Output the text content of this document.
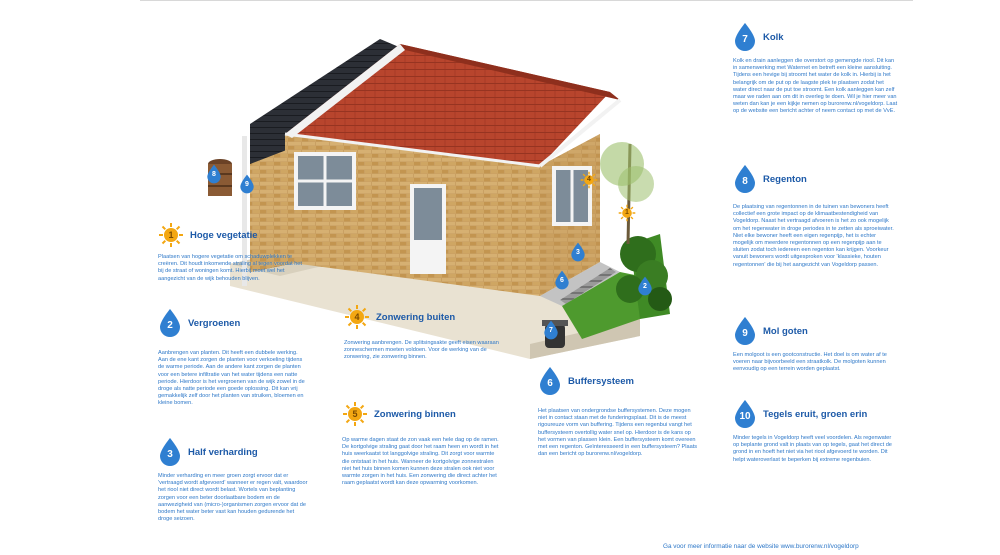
8
9
4
1
3
6
2
7
1	Hoge vegetatie

Plaatsen van hogere vegetatie om schaduwplekken te creëren. Dit houdt inkomende straling al tegen voordat het bij de straat of woningen komt. Hierbij moet wel het aangezicht van de wijk behouden blijven.

2	Vergroenen

Aanbrengen van planten. Dit heeft een dubbele werking. Aan de ene kant zorgen de planten voor verkoeling tijdens de warme periode. Aan de andere kant zorgen de planten voor een betere infiltratie van het water tijdens een natte periode. Hierdoor is het vergroenen van de wijk zowel in de droge als natte periode een goede oplossing. Dit kan vrij gemakkelijk zelf door het planten van struiken, bloemen en kleine bomen.

3	Half verharding

Minder verharding en meer groen zorgt ervoor dat er 'vertraagd wordt afgevoerd' wanneer er regen valt, waardoor het riool niet direct wordt belast. Wortels van beplanting zorgen voor een beter doorlaatbare bodem en de aanwezigheid van (micro-)organismen zorgen ervoor dat de bodem het water beter vast kan houden gedurende het droge seizoen.

4	Zonwering buiten

Zonwering aanbrengen. De splitsingsakte geeft eisen waaraan zonneschermen moeten voldoen. Voor de werking van de zonwering, zie zonwering binnen.

5	Zonwering binnen

Op warme dagen staat de zon vaak een hele dag op de ramen. De kortgolvige straling gaat door het raam heen en wordt in het huis weerkaatst tot langgolvige straling. Dit zorgt voor warmte die ontstaat in het huis. Wanneer de kortgolvige zonnestralen niet het huis binnen komen kunnen deze stralen ook niet voor warmte zorgen in het huis. Een zonwering die direct achter het raam geplaatst wordt kan deze opwarming voorkomen.

6	Buffersysteem

Het plaatsen van ondergrondse buffersystemen. Deze mogen niet in contact staan met de funderingsplaat. Dit is de meest rigoureuze vorm van buffering. Tijdens een regenbui vangt het buffersysteem overtollig water snel op. Hierdoor is de kans op het vormen van plassen klein. Een buffersysteem komt overeen met een regenton. Geïnteresseerd in een buffersysteem? Plaats dan een bericht op burorenw.nl/vogeldorp.

7	Kolk

Kolk en drain aanleggen die overstort op gemengde riool. Dit kan in samenwerking met Waternet en betreft een kleine aansluiting. Tijdens een hevige bij stroomt het water de kolk in. Hierbij is het belangrijk om de put op de laagste plek te plaatsen zodat het water direct naar de put toe stroomt. Een kolk aanleggen kan zelf maar we raden aan om dit in overleg te doen. Wil je hier meer van weten dan kan je een kijkje nemen op burorenw.nl/vogeldorp. Laat op de website een bericht achter of neem contact op met de VvE.

8	Regenton

De plaatsing van regentonnen in de tuinen van bewoners heeft collectief een grote impact op de klimaatbestendigheid van Vogeldorp. Naast het vertraagd afvoeren is het zo ook mogelijk om het regenwater in droge periodes in te zetten als sproeiwater. Niet elke bewoner heeft een eigen regenpijp, het is echter mogelijk om meerdere regentonnen op een regenpijp aan te sluiten zodat toch iedereen een regenton kan krijgen. Voorkeur vanuit bewoners wordt uitgesproken voor 'klassieke, houten regentonnen' die bij het aangezicht van Vogeldorp passen.

9	Mol goten

Een molgoot is een gootconstructie. Het doel is om water af te voeren naar bijvoorbeeld een straatkolk. De molgoten kunnen eenvoudig op een terrein worden geplaatst.

10	Tegels eruit, groen erin

Minder tegels in Vogeldorp heeft veel voordelen. Als regenwater op beplante grond valt in plaats van op tegels, gaat het direct de grond in en hoeft het niet via het riool afgevoerd te worden. Dit helpt wateroverlast te beperken bij extreme regenbuien.

Ga voor meer informatie naar de website www.burorenw.nl/vogeldorp
